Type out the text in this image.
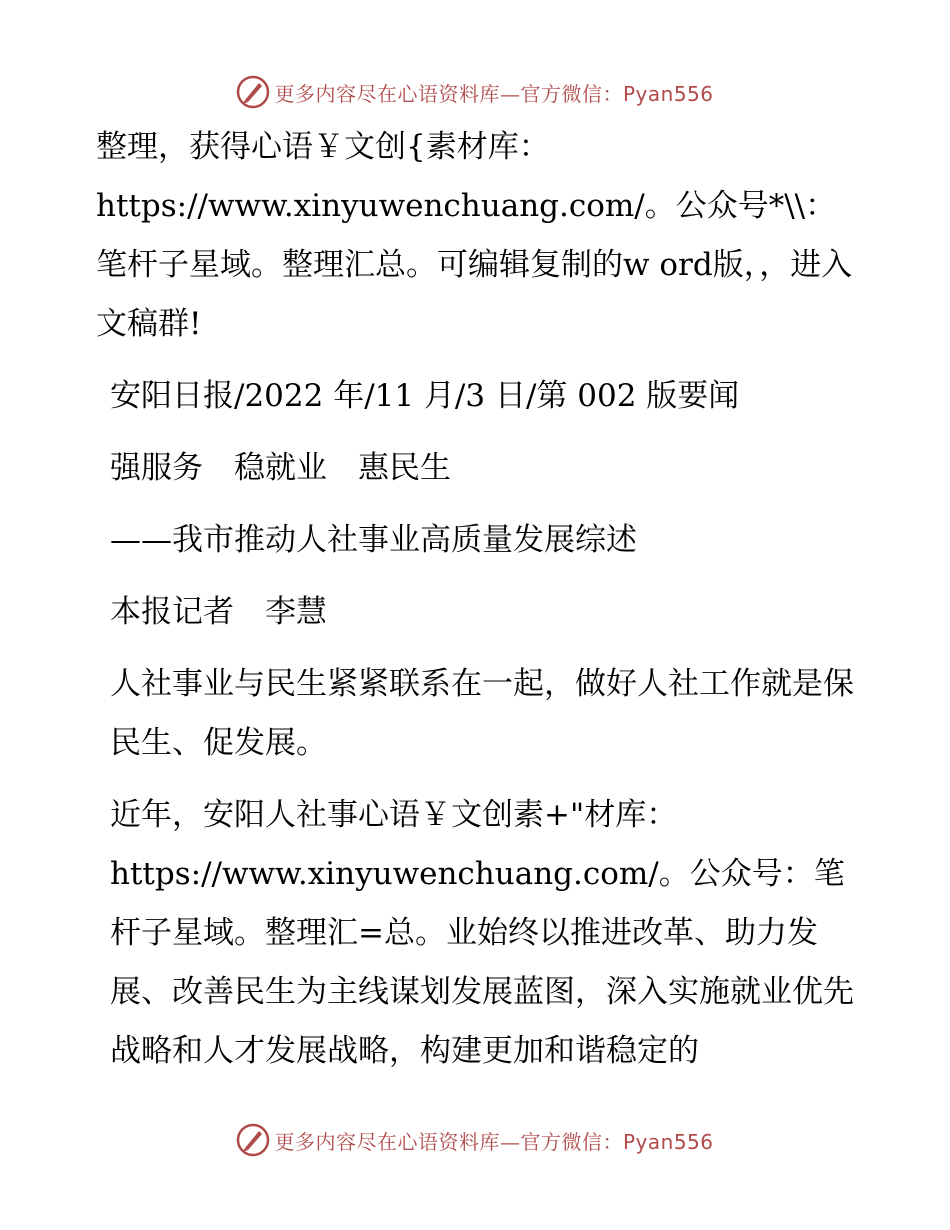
更多内容尽在心语资料库—官方微信：Pyan556

整理，获得心语￥文创{素材库：https://www.xinyuwenchuang.com/。公众号*\\：笔杆子星域。整理汇总。可编辑复制的w ord版，，进入文稿群!

安阳日报/2022 年/11 月/3 日/第 002 版要闻

强服务　稳就业　惠民生

——我市推动人社事业高质量发展综述

本报记者　李慧

人社事业与民生紧紧联系在一起，做好人社工作就是保民生、促发展。

近年，安阳人社事心语￥文创素+"材库：https://www.xinyuwenchuang.com/。公众号：笔杆子星域。整理汇=总。业始终以推进改革、助力发展、改善民生为主线谋划发展蓝图，深入实施就业优先战略和人才发展战略，构建更加和谐稳定的

更多内容尽在心语资料库—官方微信：Pyan556
